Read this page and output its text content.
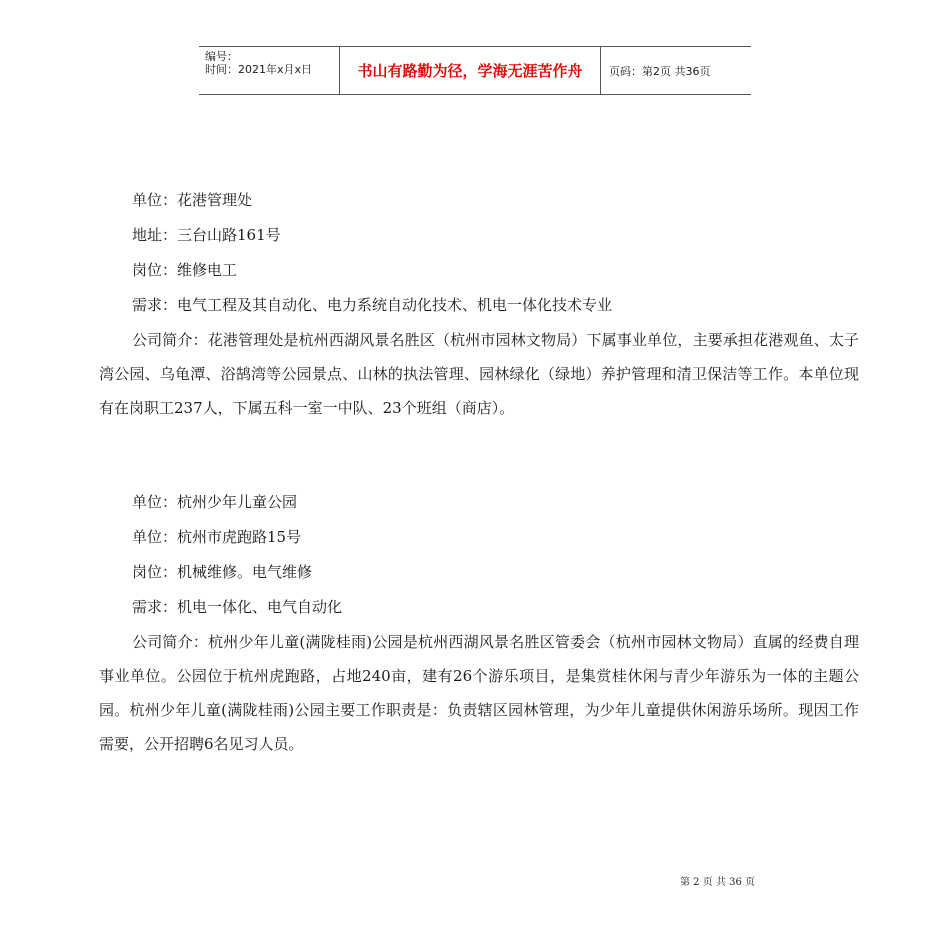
编号：
时间：2021年x月x日	书山有路勤为径，学海无涯苦作舟	页码：第2页 共36页

单位：花港管理处

地址：三台山路161号

岗位：维修电工

需求：电气工程及其自动化、电力系统自动化技术、机电一体化技术专业

公司简介：花港管理处是杭州西湖风景名胜区（杭州市园林文物局）下属事业单位，主要承担花港观鱼、太子湾公园、乌龟潭、浴鹄湾等公园景点、山林的执法管理、园林绿化（绿地）养护管理和清卫保洁等工作。本单位现有在岗职工237人，下属五科一室一中队、23个班组（商店）。

单位：杭州少年儿童公园

单位：杭州市虎跑路15号

岗位：机械维修。电气维修

需求：机电一体化、电气自动化

公司简介：杭州少年儿童(满陇桂雨)公园是杭州西湖风景名胜区管委会（杭州市园林文物局）直属的经费自理事业单位。公园位于杭州虎跑路，占地240亩，建有26个游乐项目，是集赏桂休闲与青少年游乐为一体的主题公园。杭州少年儿童(满陇桂雨)公园主要工作职责是：负责辖区园林管理，为少年儿童提供休闲游乐场所。现因工作需要，公开招聘6名见习人员。

第 2 页 共 36 页
